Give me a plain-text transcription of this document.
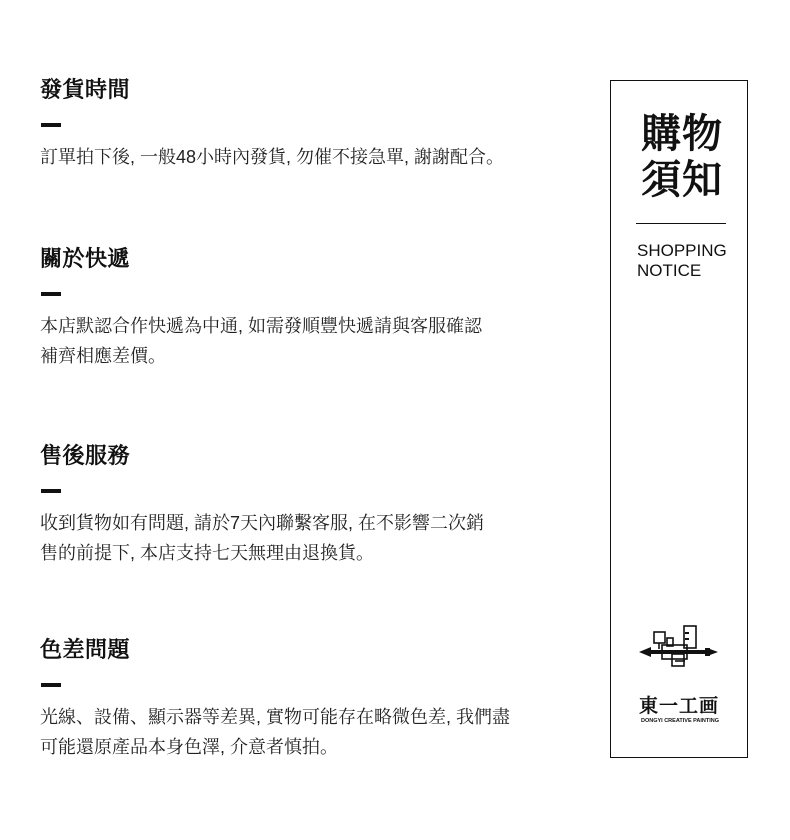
發貨時間

訂單拍下後, 一般48小時內發貨, 勿催不接急單, 謝謝配合。

關於快遞

本店默認合作快遞為中通, 如需發順豐快遞請與客服確認
補齊相應差價。

售後服務

收到貨物如有問題, 請於7天內聯繫客服, 在不影響二次銷
售的前提下, 本店支持七天無理由退換貨。

色差問題

光線、設備、顯示器等差異, 實物可能存在略微色差, 我們盡
可能還原產品本身色澤, 介意者慎拍。

購物
須知

SHOPPING
NOTICE

東一工画

DONGYI CREATIVE PAINTING
